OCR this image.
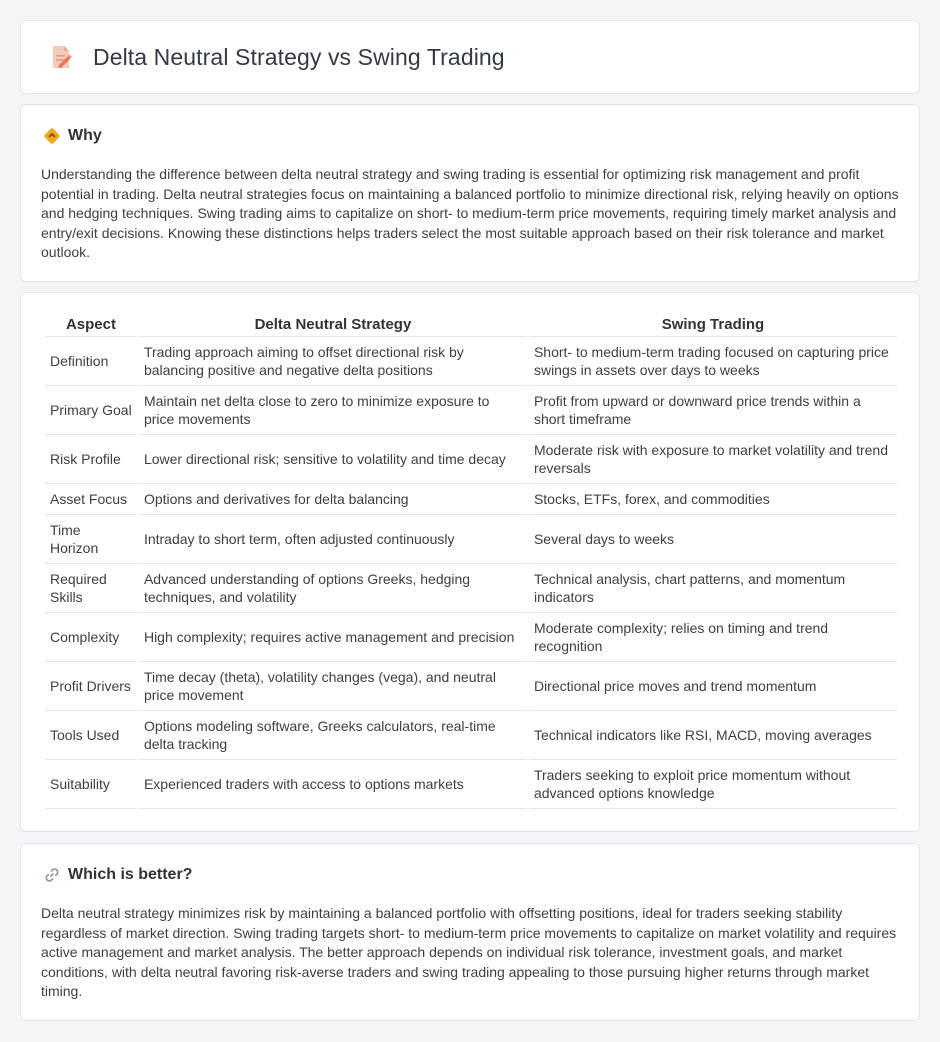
Delta Neutral Strategy vs Swing Trading
Why

Understanding the difference between delta neutral strategy and swing trading is essential for optimizing risk management and profit potential in trading. Delta neutral strategies focus on maintaining a balanced portfolio to minimize directional risk, relying heavily on options and hedging techniques. Swing trading aims to capitalize on short- to medium-term price movements, requiring timely market analysis and entry/exit decisions. Knowing these distinctions helps traders select the most suitable approach based on their risk tolerance and market outlook.

Aspect	Delta Neutral Strategy	Swing Trading
Definition	Trading approach aiming to offset directional risk by balancing positive and negative delta positions	Short- to medium-term trading focused on capturing price swings in assets over days to weeks
Primary Goal	Maintain net delta close to zero to minimize exposure to price movements	Profit from upward or downward price trends within a short timeframe
Risk Profile	Lower directional risk; sensitive to volatility and time decay	Moderate risk with exposure to market volatility and trend reversals
Asset Focus	Options and derivatives for delta balancing	Stocks, ETFs, forex, and commodities
Time Horizon	Intraday to short term, often adjusted continuously	Several days to weeks
Required Skills	Advanced understanding of options Greeks, hedging techniques, and volatility	Technical analysis, chart patterns, and momentum indicators
Complexity	High complexity; requires active management and precision	Moderate complexity; relies on timing and trend recognition
Profit Drivers	Time decay (theta), volatility changes (vega), and neutral price movement	Directional price moves and trend momentum
Tools Used	Options modeling software, Greeks calculators, real-time delta tracking	Technical indicators like RSI, MACD, moving averages
Suitability	Experienced traders with access to options markets	Traders seeking to exploit price momentum without advanced options knowledge
Which is better?

Delta neutral strategy minimizes risk by maintaining a balanced portfolio with offsetting positions, ideal for traders seeking stability regardless of market direction. Swing trading targets short- to medium-term price movements to capitalize on market volatility and requires active management and market analysis. The better approach depends on individual risk tolerance, investment goals, and market conditions, with delta neutral favoring risk-averse traders and swing trading appealing to those pursuing higher returns through market timing.
